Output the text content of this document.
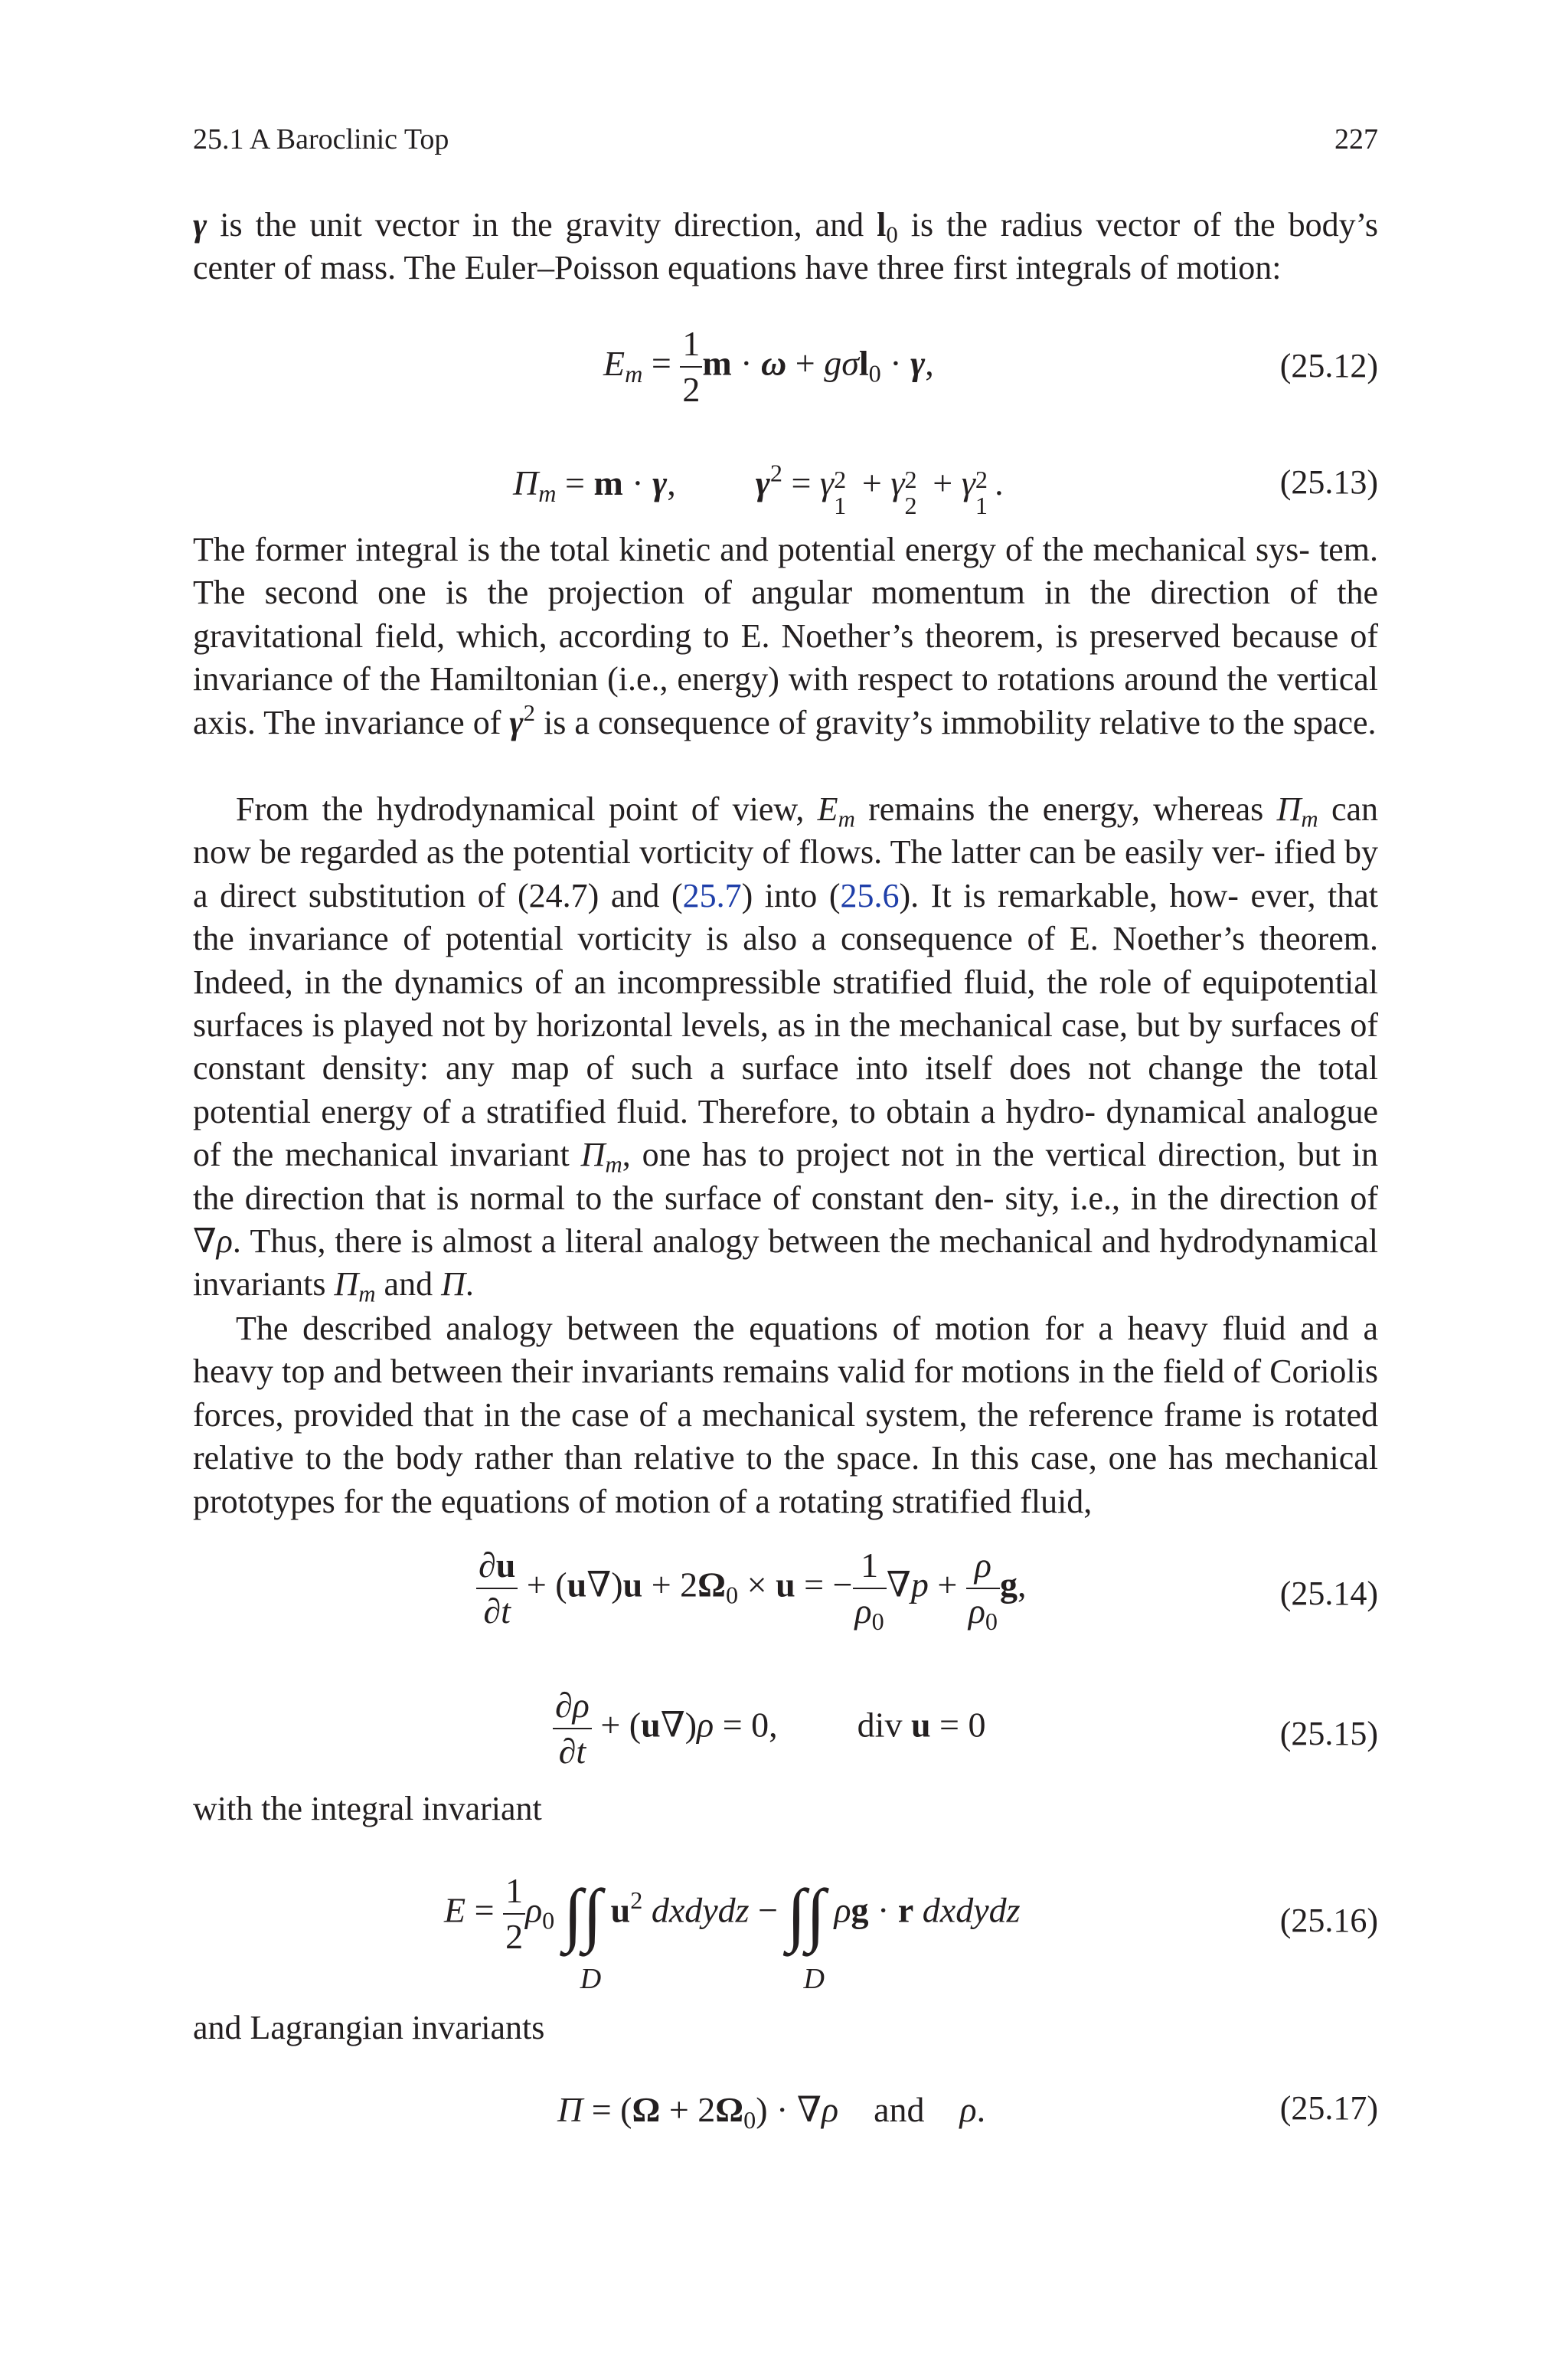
25.1 A Baroclinic Top	227

γ is the unit vector in the gravity direction, and $l_0$ is the radius vector of the body’s center of mass. The Euler–Poisson equations have three first integrals of motion:

$E_m = \frac{1}{2}$ m · ω + gσl$_0$ · γ,	(25.12)
$\Pi_m = m \cdot \gamma$, $\gamma^2 = \gamma$ 2
1
+ γ 2
2
+ γ 2
1
.	(25.13)

The former integral is the total kinetic and potential energy of the mechanical sys- tem. The second one is the projection of angular momentum in the direction of the gravitational field, which, according to E. Noether’s theorem, is preserved because of invariance of the Hamiltonian (i.e., energy) with respect to rotations around the vertical axis. The invariance of $\gamma^2$ is a consequence of gravity’s immobility relative to the space.

From the hydrodynamical point of view, $E_m$ remains the energy, whereas $\Pi_m$ can now be regarded as the potential vorticity of flows. The latter can be easily ver- ified by a direct substitution of (24.7) and (25.7) into (25.6). It is remarkable, how- ever, that the invariance of potential vorticity is also a consequence of E. Noether’s theorem. Indeed, in the dynamics of an incompressible stratified fluid, the role of equipotential surfaces is played not by horizontal levels, as in the mechanical case, but by surfaces of constant density: any map of such a surface into itself does not change the total potential energy of a stratified fluid. Therefore, to obtain a hydro- dynamical analogue of the mechanical invariant $\Pi_m$, one has to project not in the vertical direction, but in the direction that is normal to the surface of constant den- sity, i.e., in the direction of ∇ρ. Thus, there is almost a literal analogy between the mechanical and hydrodynamical invariants $\Pi_m$ and Π.

The described analogy between the equations of motion for a heavy fluid and a heavy top and between their invariants remains valid for motions in the field of Coriolis forces, provided that in the case of a mechanical system, the reference frame is rotated relative to the body rather than relative to the space. In this case, one has mechanical prototypes for the equations of motion of a rotating stratified fluid,

$\frac{\partial u}{\partial t} + (u\nabla)u + 2\Omega_0 \times u$ = − $\frac{1}{\rho_0} \nabla p + \frac{\rho}{\rho_0} g$,	(25.14)
$\frac{\partial\rho}{\partial t} + (u\nabla)\rho = 0$, div u = 0	(25.15)

with the integral invariant

$E = \frac{1}{2} \rho_0$ ∫∫
D
$u^2$ dxdydz − ∫∫
D
ρg · r dxdydz	(25.16)

and Lagrangian invariants

$\Pi = (\Omega + 2\Omega_0) \cdot \nabla\rho$ and ρ.	(25.17)
